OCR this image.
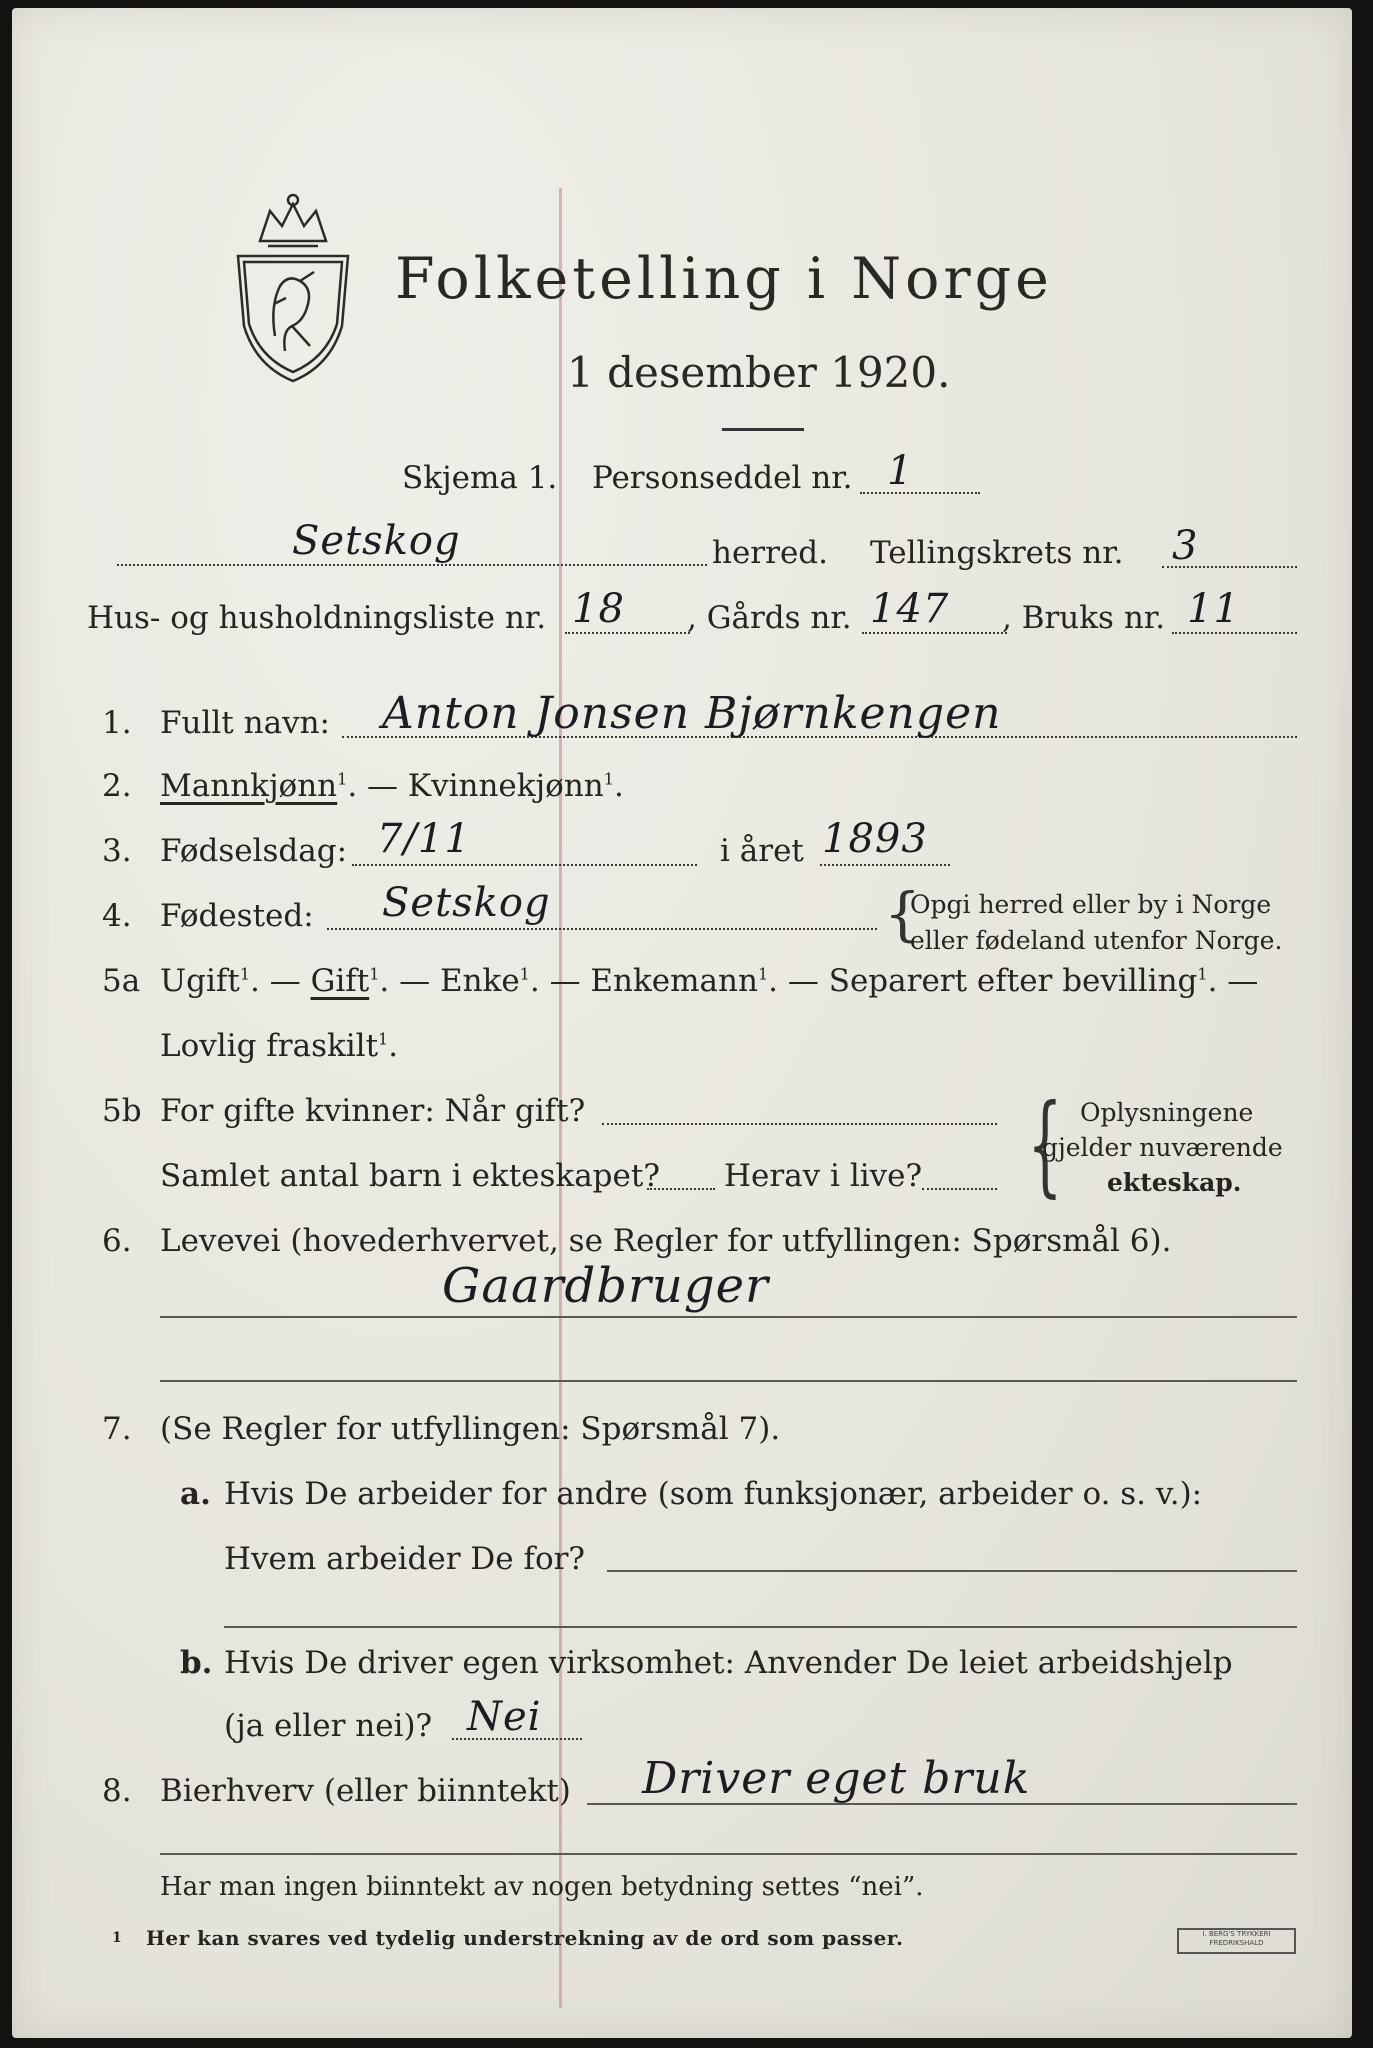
Folketelling i Norge
1 desember 1920.
Skjema 1. Personseddel nr. 1
Setskog	herred. Tellingskrets nr. 3
Hus- og husholdningsliste nr. 18 , Gårds nr. 147 , Bruks nr. 11
1. Fullt navn: Anton Jonsen Bjørnkengen
2. Mannkjønn$^1$. — Kvinnekjønn$^1$.
3. Fødselsdag: 7/11	i året 1893
4. Fødested: Setskog	{
Opgi herred eller by i Norge
eller fødeland utenfor Norge.
5a Ugift$^1$. — Gift$^1$. — Enke$^1$. — Enkemann$^1$. — Separert efter bevilling$^1$. —
Lovlig fraskilt$^1$.
5b For gifte kvinner: Når gift?
Samlet antal barn i ekteskapet? Herav i live? { Oplysningene
gjelder nuværende
ekteskap.
6. Levevei (hovederhvervet, se Regler for utfyllingen: Spørsmål 6).
Gaardbruger
7. (Se Regler for utfyllingen: Spørsmål 7).
a. Hvis De arbeider for andre (som funksjonær, arbeider o. s. v.):
Hvem arbeider De for?
b. Hvis De driver egen virksomhet: Anvender De leiet arbeidshjelp
(ja eller nei)? Nei
8. Bierhverv (eller biinntekt) Driver eget bruk
Har man ingen biinntekt av nogen betydning settes “nei”.
1 Her kan svares ved tydelig understrekning av de ord som passer.	I. BERG'S TRYKKERI FREDRIKSHALD
